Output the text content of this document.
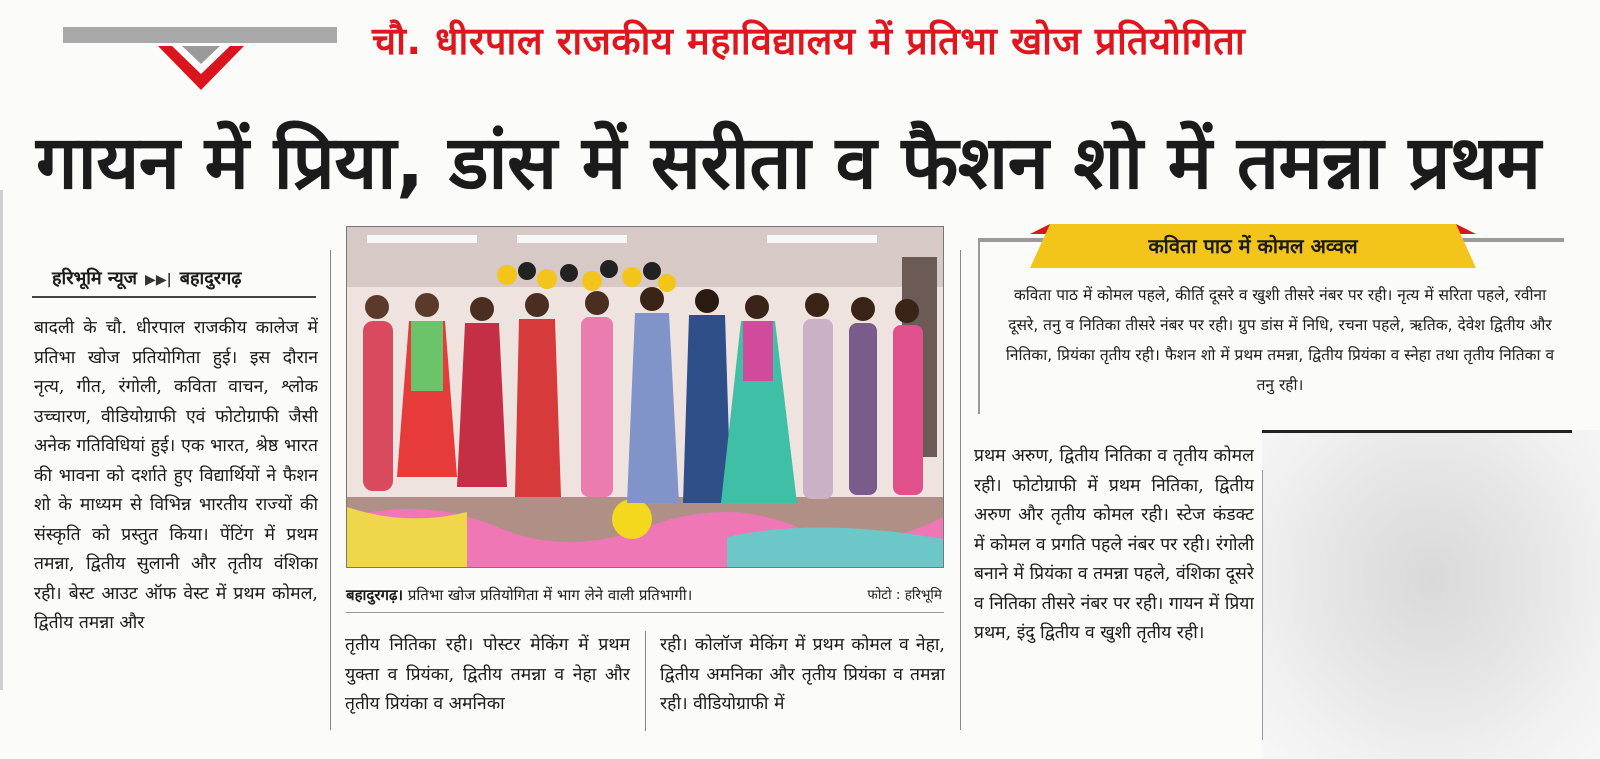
चौ. धीरपाल राजकीय महाविद्यालय में प्रतिभा खोज प्रतियोगिता
गायन में प्रिया, डांस में सरीता व फैशन शो में तमन्ना प्रथम
हरिभूमि न्यूज ▶▶| बहादुरगढ़
बादली के चौ. धीरपाल राजकीय कालेज में प्रतिभा खोज प्रतियोगिता हुई। इस दौरान नृत्य, गीत, रंगोली, कविता वाचन, श्लोक उच्चारण, वीडियोग्राफी एवं फोटोग्राफी जैसी अनेक गतिविधियां हुई। एक भारत, श्रेष्ठ भारत की भावना को दर्शाते हुए विद्यार्थियों ने फैशन शो के माध्यम से विभिन्न भारतीय राज्यों की संस्कृति को प्रस्तुत किया। पेंटिंग में प्रथम तमन्ना, द्वितीय सुलानी और तृतीय वंशिका रही। बेस्ट आउट ऑफ वेस्ट में प्रथम कोमल, द्वितीय तमन्ना और
तृतीय नितिका रही। पोस्टर मेकिंग में प्रथम युक्ता व प्रियंका, द्वितीय तमन्ना व नेहा और तृतीय प्रियंका व अमनिका
रही। कोलॉज मेकिंग में प्रथम कोमल व नेहा, द्वितीय अमनिका और तृतीय प्रियंका व तमन्ना रही। वीडियोग्राफी में
प्रथम अरुण, द्वितीय नितिका व तृतीय कोमल रही। फोटोग्राफी में प्रथम नितिका, द्वितीय अरुण और तृतीय कोमल रही। स्टेज कंडक्ट में कोमल व प्रगति पहले नंबर पर रही। रंगोली बनाने में प्रियंका व तमन्ना पहले, वंशिका दूसरे व नितिका तीसरे नंबर पर रही। गायन में प्रिया प्रथम, इंदु द्वितीय व खुशी तृतीय रही।
बहादुरगढ़। प्रतिभा खोज प्रतियोगिता में भाग लेने वाली प्रतिभागी।	फोटो : हरिभूमि
कविता पाठ में कोमल अव्वल
कविता पाठ में कोमल पहले, कीर्ति दूसरे व खुशी तीसरे नंबर पर रही। नृत्य में सरिता पहले, रवीना दूसरे, तनु व नितिका तीसरे नंबर पर रही। ग्रुप डांस में निधि, रचना पहले, ऋतिक, देवेश द्वितीय और नितिका, प्रियंका तृतीय रही। फैशन शो में प्रथम तमन्ना, द्वितीय प्रियंका व स्नेहा तथा तृतीय नितिका व तनु रही।
